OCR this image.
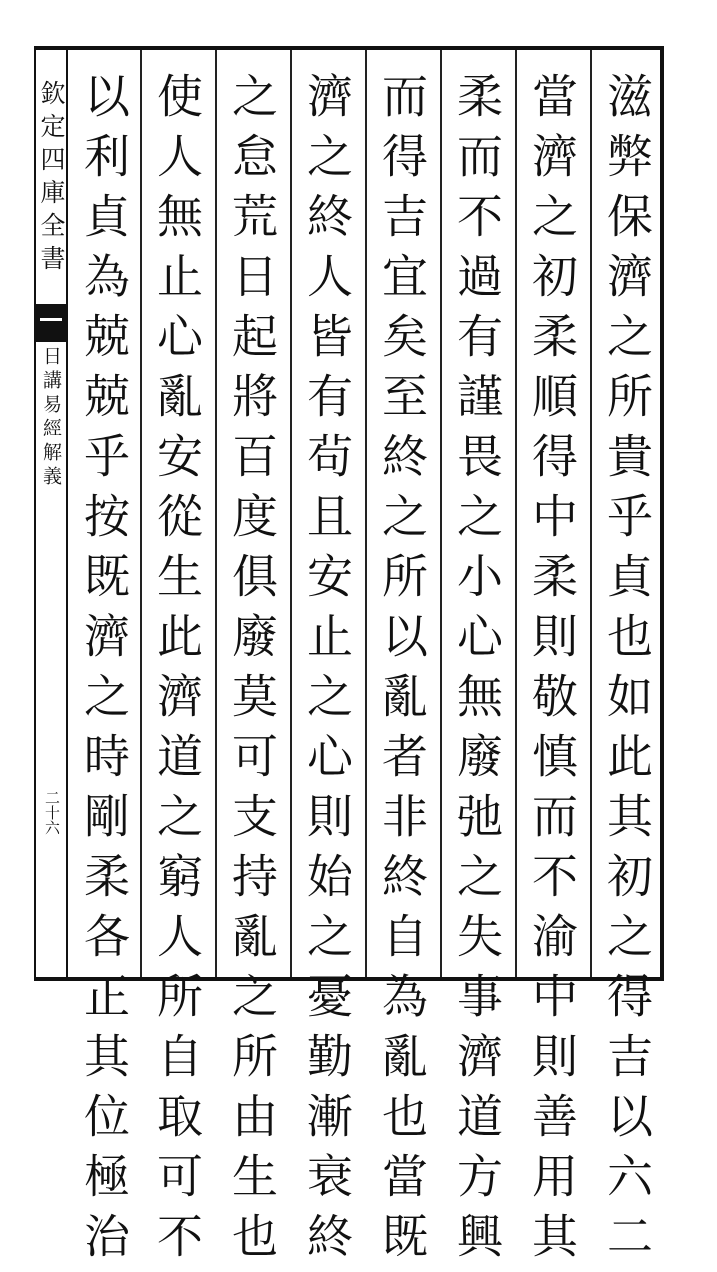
欽定四庫全書
日講易經解義
二十六	滋弊保濟之所貴乎貞也如此其初之得吉以六二
當濟之初柔順得中柔則敬慎而不渝中則善用其
柔而不過有謹畏之小心無廢弛之失事濟道方興
而得吉宜矣至終之所以亂者非終自為亂也當既
濟之終人皆有茍且安止之心則始之憂勤漸衰終
之怠荒日起將百度俱廢莫可支持亂之所由生也
使人無止心亂安從生此濟道之窮人所自取可不
以利貞為兢兢乎按既濟之時剛柔各正其位極治
